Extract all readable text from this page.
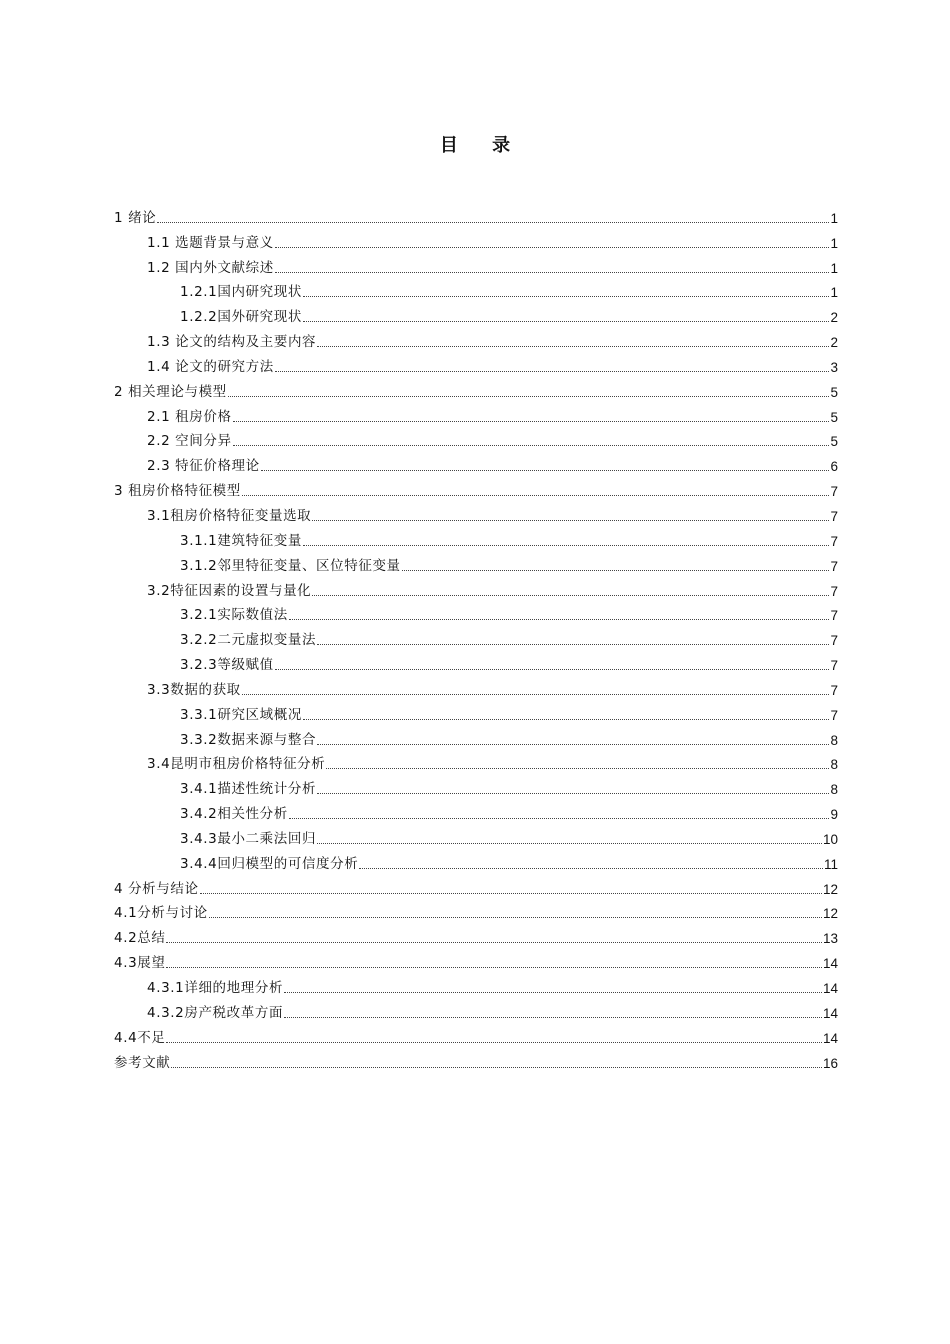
目 录
1 绪论	1
1.1 选题背景与意义	1
1.2 国内外文献综述	1
1.2.1国内研究现状	1
1.2.2国外研究现状	2
1.3 论文的结构及主要内容	2
1.4 论文的研究方法	3
2 相关理论与模型	5
2.1 租房价格	5
2.2 空间分异	5
2.3 特征价格理论	6
3 租房价格特征模型	7
3.1租房价格特征变量选取	7
3.1.1建筑特征变量	7
3.1.2邻里特征变量、区位特征变量	7
3.2特征因素的设置与量化	7
3.2.1实际数值法	7
3.2.2二元虚拟变量法	7
3.2.3等级赋值	7
3.3数据的获取	7
3.3.1研究区域概况	7
3.3.2数据来源与整合	8
3.4昆明市租房价格特征分析	8
3.4.1描述性统计分析	8
3.4.2相关性分析	9
3.4.3最小二乘法回归	10
3.4.4回归模型的可信度分析	11
4 分析与结论	12
4.1分析与讨论	12
4.2总结	13
4.3展望	14
4.3.1详细的地理分析	14
4.3.2房产税改革方面	14
4.4不足	14
参考文献	16
